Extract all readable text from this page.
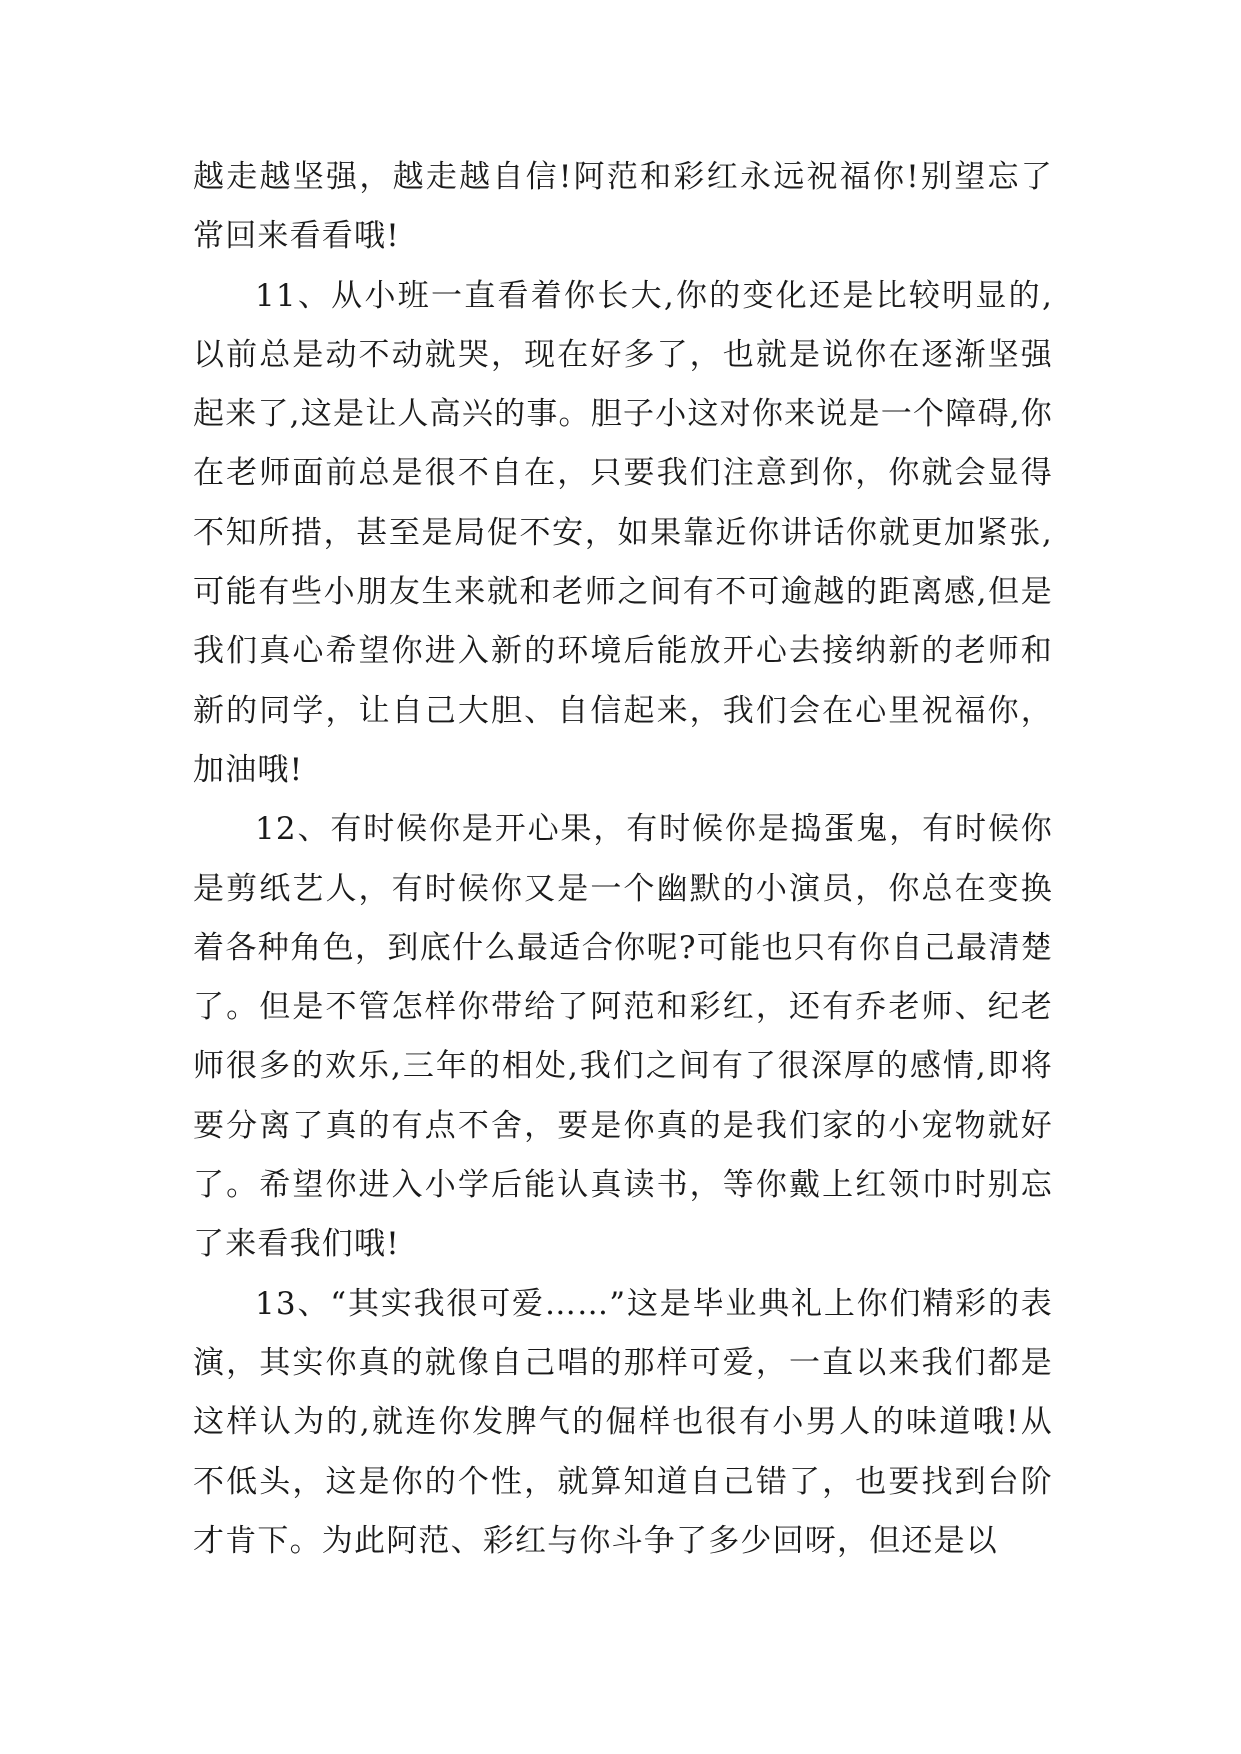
越走越坚强，越走越自信!阿范和彩红永远祝福你!别望忘了常回来看看哦!

11、从小班一直看着你长大,你的变化还是比较明显的,以前总是动不动就哭，现在好多了，也就是说你在逐渐坚强起来了,这是让人高兴的事。胆子小这对你来说是一个障碍,你在老师面前总是很不自在，只要我们注意到你，你就会显得不知所措，甚至是局促不安，如果靠近你讲话你就更加紧张,可能有些小朋友生来就和老师之间有不可逾越的距离感,但是我们真心希望你进入新的环境后能放开心去接纳新的老师和新的同学，让自己大胆、自信起来，我们会在心里祝福你，加油哦!

12、有时候你是开心果，有时候你是捣蛋鬼，有时候你是剪纸艺人，有时候你又是一个幽默的小演员，你总在变换着各种角色，到底什么最适合你呢?可能也只有你自己最清楚了。但是不管怎样你带给了阿范和彩红，还有乔老师、纪老师很多的欢乐,三年的相处,我们之间有了很深厚的感情,即将要分离了真的有点不舍，要是你真的是我们家的小宠物就好了。希望你进入小学后能认真读书，等你戴上红领巾时别忘了来看我们哦!

13、“其实我很可爱……”这是毕业典礼上你们精彩的表演，其实你真的就像自己唱的那样可爱，一直以来我们都是这样认为的,就连你发脾气的倔样也很有小男人的味道哦!从不低头，这是你的个性，就算知道自己错了，也要找到台阶才肯下。为此阿范、彩红与你斗争了多少回呀，但还是以
